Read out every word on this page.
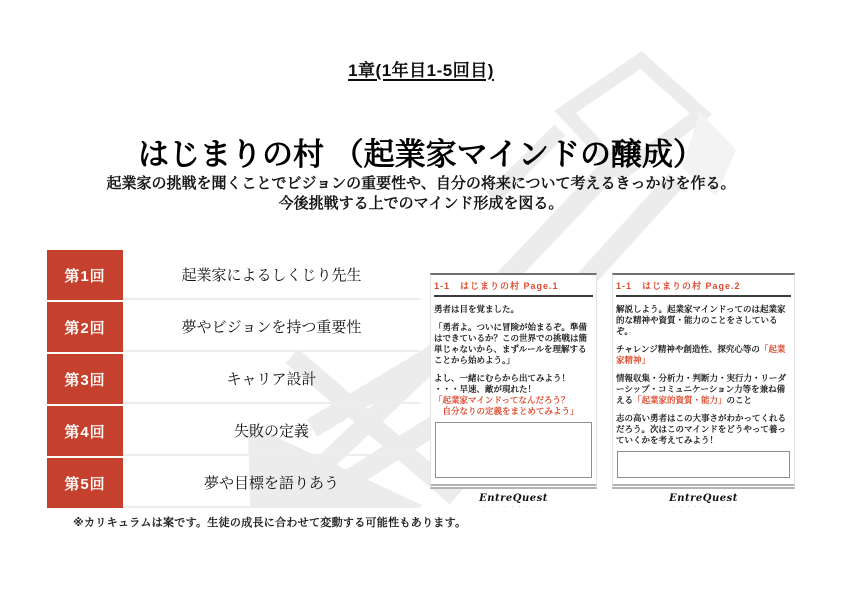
1章(1年目1-5回目)
はじまりの村 （起業家マインドの醸成）
起業家の挑戦を聞くことでビジョンの重要性や、自分の将来について考えるきっかけを作る。
今後挑戦する上でのマインド形成を図る。
第1回	起業家によるしくじり先生
第2回	夢やビジョンを持つ重要性
第3回	キャリア設計
第4回	失敗の定義
第5回	夢や目標を語りあう
※カリキュラムは案です。生徒の成長に合わせて変動する可能性もあります。
1-1　はじまりの村 Page.1
勇者は目を覚ました。
「勇者よ。ついに冒険が始まるぞ。準備はできているか？この世界での挑戦は簡単じゃないから、まずルールを理解することから始めよう。」
よし、一緒にむらから出てみよう！
・・・早速、敵が現れた！
「起業家マインドってなんだろう？
　自分なりの定義をまとめてみよう」
EntreQuest
･ ･ ･ ･ ･ ･ ･ ･ ･
1-1　はじまりの村 Page.2
解説しよう。起業家マインドってのは起業家的な精神や資質・能力のことをさしているぞ。
チャレンジ精神や創造性、探究心等の「起業家精神」
情報収集・分析力・判断力・実行力・リーダーシップ・コミュニケーション力等を兼ね備える「起業家的資質・能力」のこと
志の高い勇者はこの大事さがわかってくれるだろう。次はこのマインドをどうやって養っていくかを考えてみよう！
EntreQuest
･ ･ ･ ･ ･ ･ ･ ･ ･
